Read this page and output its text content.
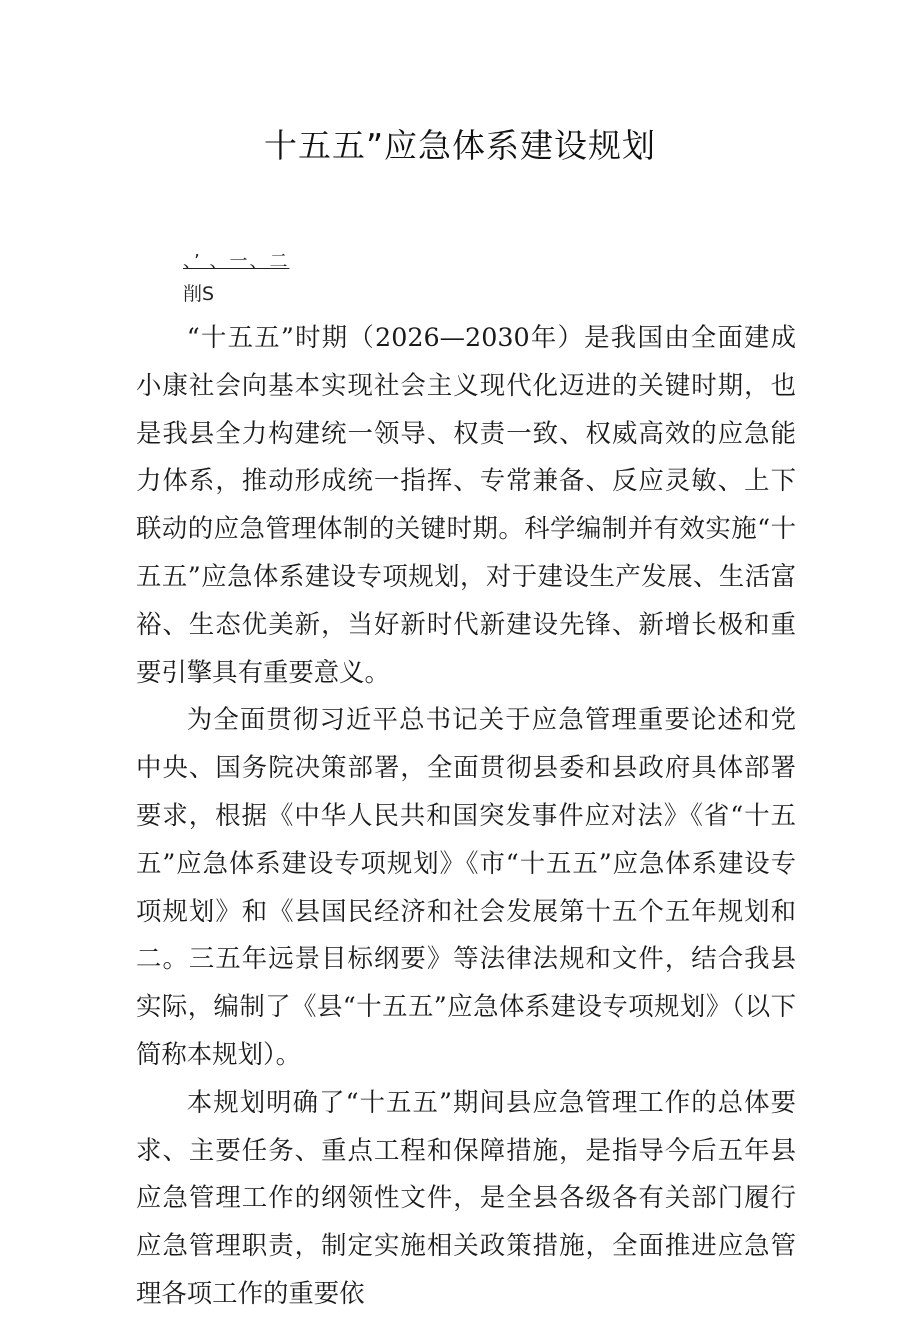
十五五”应急体系建设规划
、’ 、一、二
削S

“十五五”时期（2026—2030年）是我国由全面建成小康社会向基本实现社会主义现代化迈进的关键时期，也是我县全力构建统一领导、权责一致、权威高效的应急能力体系，推动形成统一指挥、专常兼备、反应灵敏、上下联动的应急管理体制的关键时期。科学编制并有效实施“十五五”应急体系建设专项规划，对于建设生产发展、生活富裕、生态优美新，当好新时代新建设先锋、新增长极和重要引擎具有重要意义。

为全面贯彻习近平总书记关于应急管理重要论述和党中央、国务院决策部署，全面贯彻县委和县政府具体部署要求，根据《中华人民共和国突发事件应对法》《省“十五五”应急体系建设专项规划》《市“十五五”应急体系建设专项规划》和《县国民经济和社会发展第十五个五年规划和二。三五年远景目标纲要》等法律法规和文件，结合我县实际，编制了《县“十五五”应急体系建设专项规划》（以下简称本规划）。

本规划明确了“十五五”期间县应急管理工作的总体要求、主要任务、重点工程和保障措施，是指导今后五年县应急管理工作的纲领性文件，是全县各级各有关部门履行应急管理职责，制定实施相关政策措施，全面推进应急管理各项工作的重要依
